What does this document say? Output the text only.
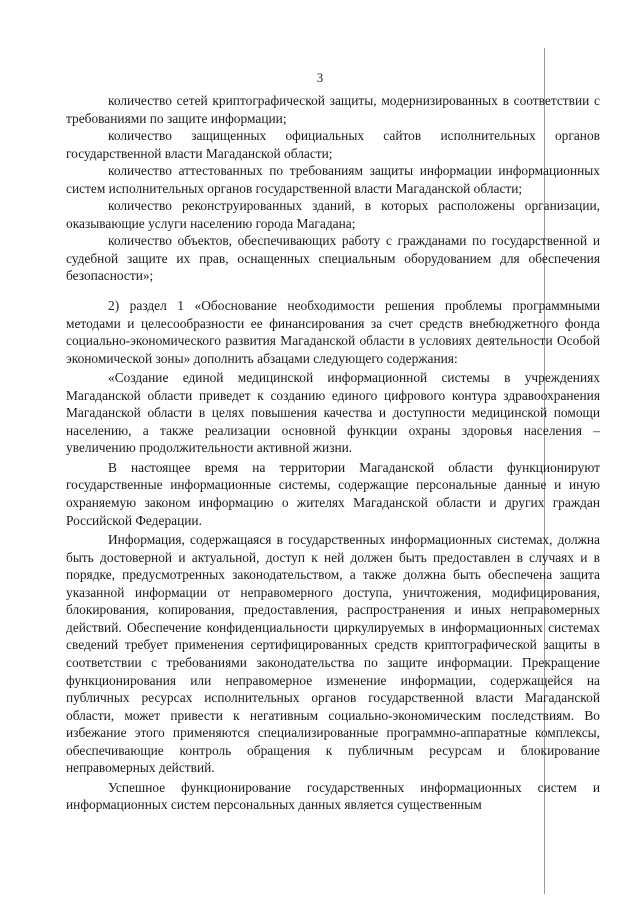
3

количество сетей криптографической защиты, модернизированных в соответствии с требованиями по защите информации;

количество защищенных официальных сайтов исполнительных органов государственной власти Магаданской области;

количество аттестованных по требованиям защиты информации информационных систем исполнительных органов государственной власти Магаданской области;

количество реконструированных зданий, в которых расположены организации, оказывающие услуги населению города Магадана;

количество объектов, обеспечивающих работу с гражданами по государственной и судебной защите их прав, оснащенных специальным оборудованием для обеспечения безопасности»;

2) раздел 1 «Обоснование необходимости решения проблемы программными методами и целесообразности ее финансирования за счет средств внебюджетного фонда социально-экономического развития Магаданской области в условиях деятельности Особой экономической зоны» дополнить абзацами следующего содержания:

«Создание единой медицинской информационной системы в учреждениях Магаданской области приведет к созданию единого цифрового контура здравоохранения Магаданской области в целях повышения качества и доступности медицинской помощи населению, а также реализации основной функции охраны здоровья населения – увеличению продолжительности активной жизни.

В настоящее время на территории Магаданской области функционируют государственные информационные системы, содержащие персональные данные и иную охраняемую законом информацию о жителях Магаданской области и других граждан Российской Федерации.

Информация, содержащаяся в государственных информационных системах, должна быть достоверной и актуальной, доступ к ней должен быть предоставлен в случаях и в порядке, предусмотренных законодательством, а также должна быть обеспечена защита указанной информации от неправомерного доступа, уничтожения, модифицирования, блокирования, копирования, предоставления, распространения и иных неправомерных действий. Обеспечение конфиденциальности циркулируемых в информационных системах сведений требует применения сертифицированных средств криптографической защиты в соответствии с требованиями законодательства по защите информации. Прекращение функционирования или неправомерное изменение информации, содержащейся на публичных ресурсах исполнительных органов государственной власти Магаданской области, может привести к негативным социально-экономическим последствиям. Во избежание этого применяются специализированные программно-аппаратные комплексы, обеспечивающие контроль обращения к публичным ресурсам и блокирование неправомерных действий.

Успешное функционирование государственных информационных систем и информационных систем персональных данных является существенным
